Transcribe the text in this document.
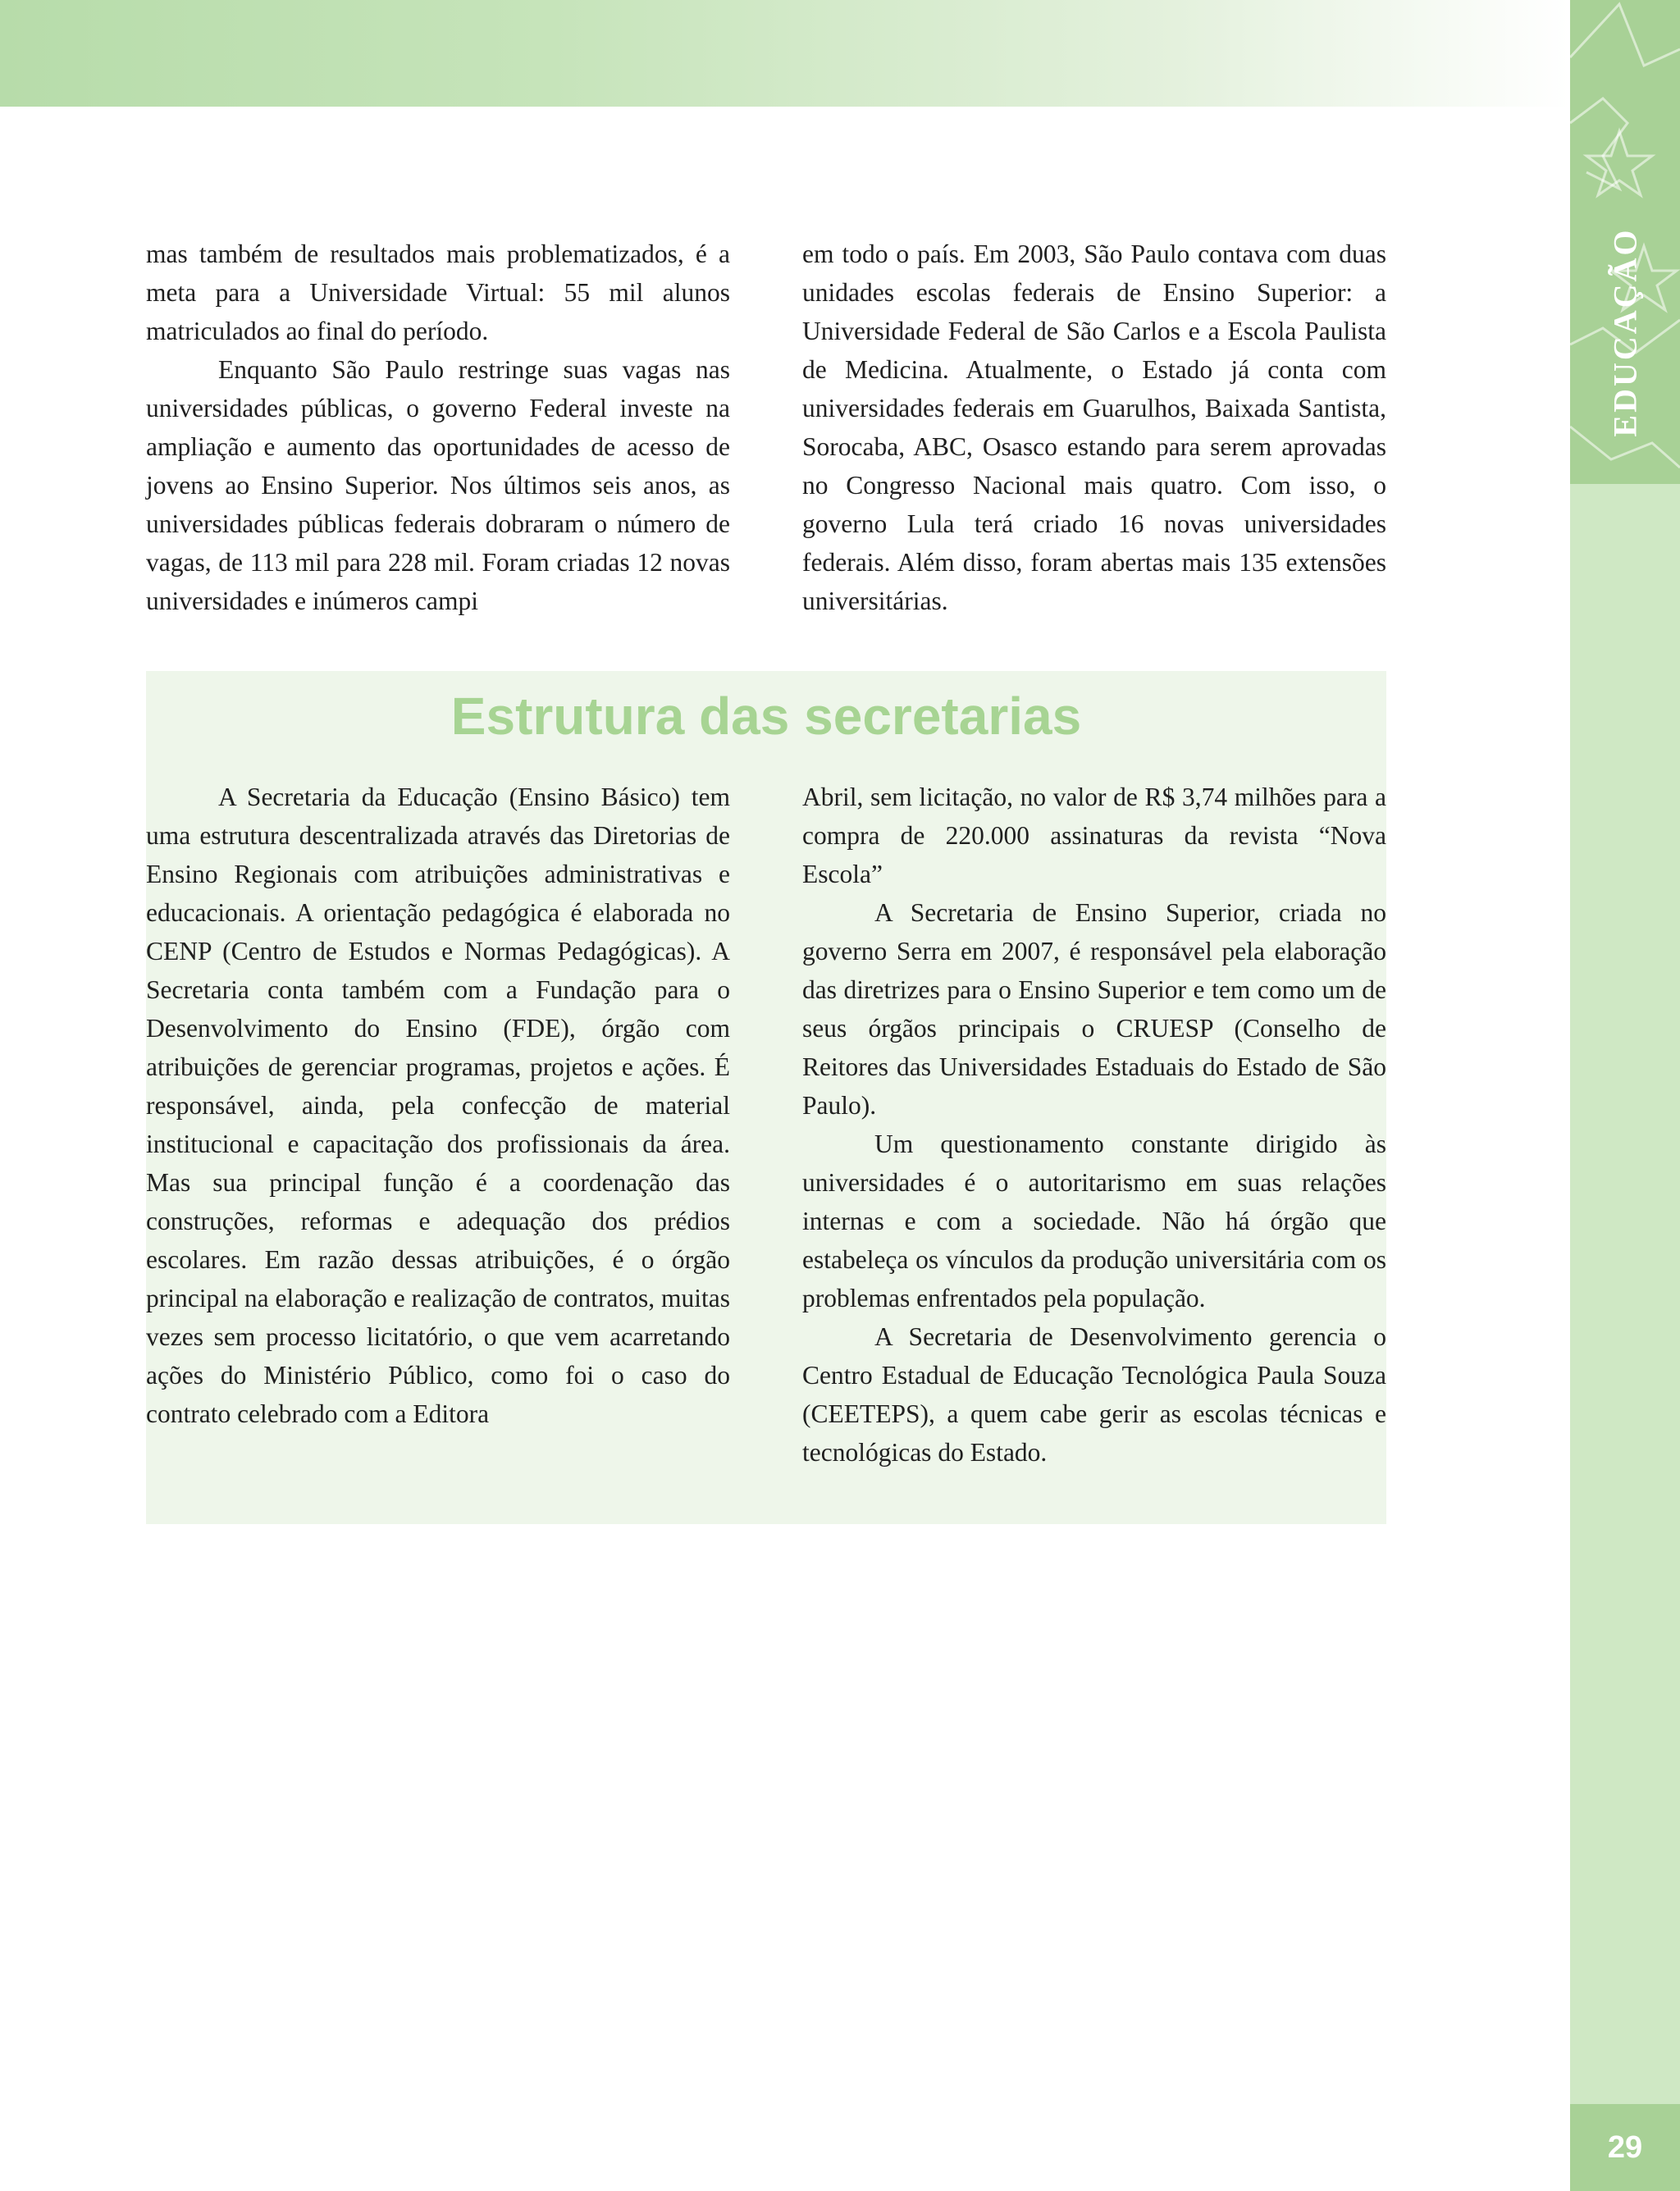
EDUCAÇÃO
29

mas também de resultados mais problematizados, é a meta para a Universidade Virtual: 55 mil alunos matriculados ao final do período.

Enquanto São Paulo restringe suas vagas nas universidades públicas, o governo Federal investe na ampliação e aumento das oportunidades de acesso de jovens ao Ensino Superior. Nos últimos seis anos, as universidades públicas federais dobraram o número de vagas, de 113 mil para 228 mil. Foram criadas 12 novas universidades e inúmeros campi

em todo o país. Em 2003, São Paulo contava com duas unidades escolas federais de Ensino Superior: a Universidade Federal de São Carlos e a Escola Paulista de Medicina. Atualmente, o Estado já conta com universidades federais em Guarulhos, Baixada Santista, Sorocaba, ABC, Osasco estando para serem aprovadas no Congresso Nacional mais quatro. Com isso, o governo Lula terá criado 16 novas universidades federais. Além disso, foram abertas mais 135 extensões universitárias.

Estrutura das secretarias

A Secretaria da Educação (Ensino Básico) tem uma estrutura descentralizada através das Diretorias de Ensino Regionais com atribuições administrativas e educacionais. A orientação pedagógica é elaborada no CENP (Centro de Estudos e Normas Pedagógicas). A Secretaria conta também com a Fundação para o Desenvolvimento do Ensino (FDE), órgão com atribuições de gerenciar programas, projetos e ações. É responsável, ainda, pela confecção de material institucional e capacitação dos profissionais da área. Mas sua principal função é a coordenação das construções, reformas e adequação dos prédios escolares. Em razão dessas atribuições, é o órgão principal na elaboração e realização de contratos, muitas vezes sem processo licitatório, o que vem acarretando ações do Ministério Público, como foi o caso do contrato celebrado com a Editora

Abril, sem licitação, no valor de R$ 3,74 milhões para a compra de 220.000 assinaturas da revista “Nova Escola”

A Secretaria de Ensino Superior, criada no governo Serra em 2007, é responsável pela elaboração das diretrizes para o Ensino Superior e tem como um de seus órgãos principais o CRUESP (Conselho de Reitores das Universidades Estaduais do Estado de São Paulo).

Um questionamento constante dirigido às universidades é o autoritarismo em suas relações internas e com a sociedade. Não há órgão que estabeleça os vínculos da produção universitária com os problemas enfrentados pela população.

A Secretaria de Desenvolvimento gerencia o Centro Estadual de Educação Tecnológica Paula Souza (CEETEPS), a quem cabe gerir as escolas técnicas e tecnológicas do Estado.
